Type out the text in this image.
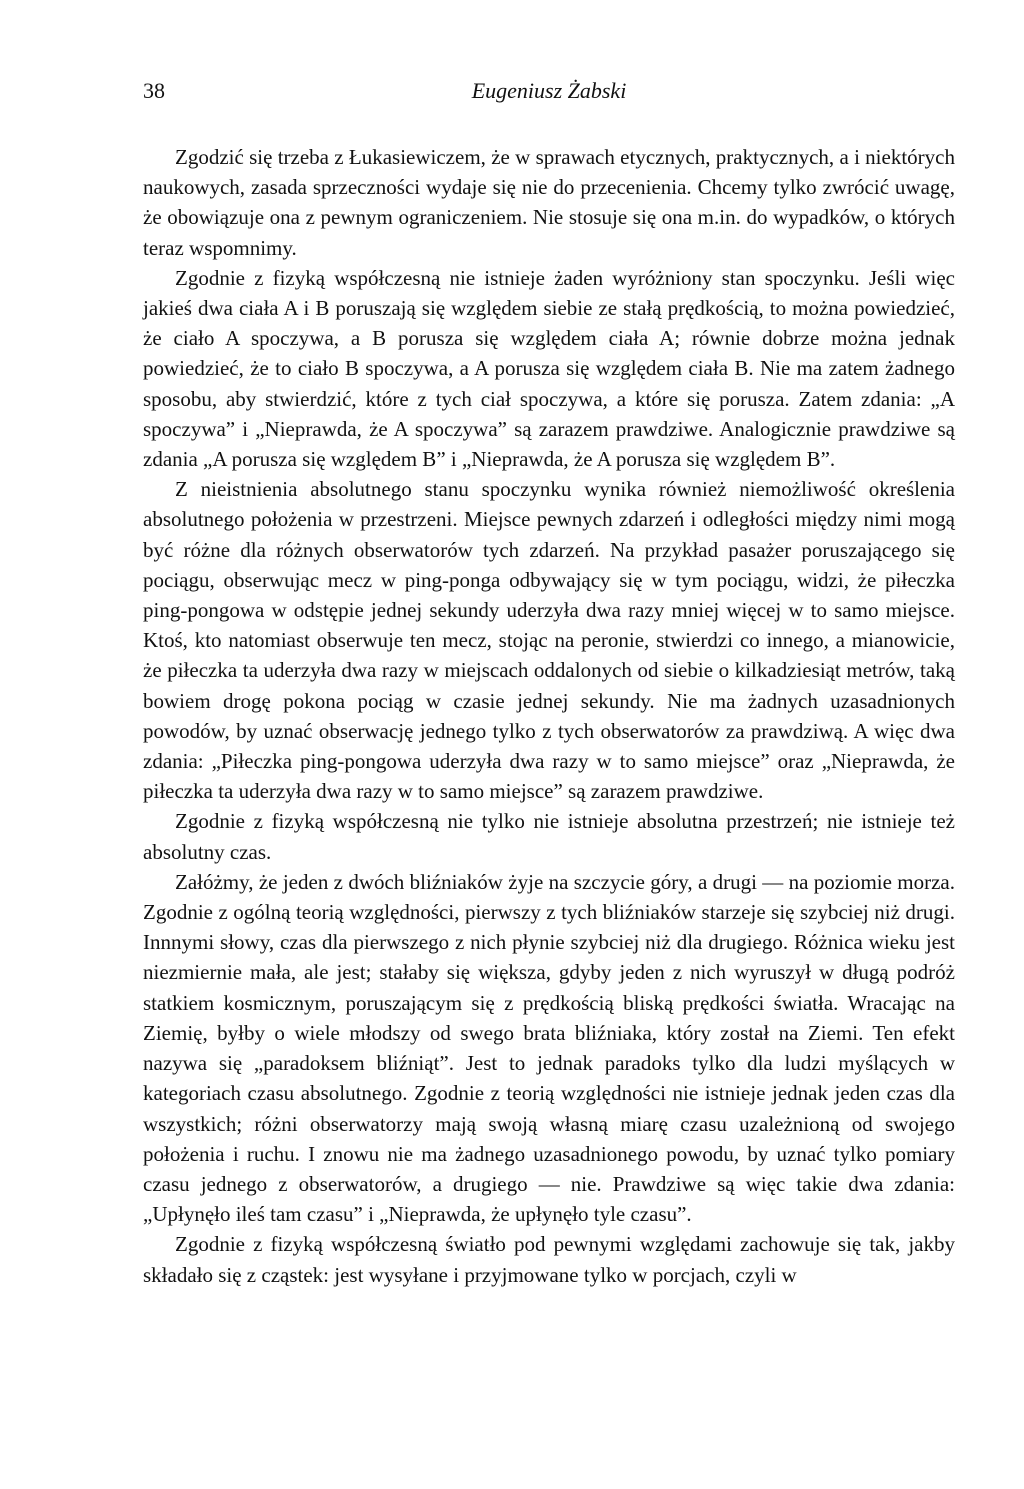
38	Eugeniusz Żabski

Zgodzić się trzeba z Łukasiewiczem, że w sprawach etycznych, praktycznych, a i niektórych naukowych, zasada sprzeczności wydaje się nie do przecenienia. Chcemy tylko zwrócić uwagę, że obowiązuje ona z pewnym ograniczeniem. Nie stosuje się ona m.in. do wypadków, o których teraz wspomnimy.

Zgodnie z fizyką współczesną nie istnieje żaden wyróżniony stan spoczynku. Jeśli więc jakieś dwa ciała A i B poruszają się względem siebie ze stałą prędkością, to można powiedzieć, że ciało A spoczywa, a B porusza się względem ciała A; równie dobrze można jednak powiedzieć, że to ciało B spoczywa, a A porusza się względem ciała B. Nie ma zatem żadnego sposobu, aby stwierdzić, które z tych ciał spoczywa, a które się porusza. Zatem zdania: „A spoczywa” i „Nieprawda, że A spoczywa” są zarazem prawdziwe. Analogicznie prawdziwe są zdania „A porusza się względem B” i „Nieprawda, że A porusza się względem B”.

Z nieistnienia absolutnego stanu spoczynku wynika również niemożliwość określenia absolutnego położenia w przestrzeni. Miejsce pewnych zdarzeń i odległości między nimi mogą być różne dla różnych obserwatorów tych zdarzeń. Na przykład pasażer poruszającego się pociągu, obserwując mecz w ping-ponga odbywający się w tym pociągu, widzi, że piłeczka ping-pongowa w odstępie jednej sekundy uderzyła dwa razy mniej więcej w to samo miejsce. Ktoś, kto natomiast obserwuje ten mecz, stojąc na peronie, stwierdzi co innego, a mianowicie, że piłeczka ta uderzyła dwa razy w miejscach oddalonych od siebie o kilkadziesiąt metrów, taką bowiem drogę pokona pociąg w czasie jednej sekundy. Nie ma żadnych uzasadnionych powodów, by uznać obserwację jednego tylko z tych obserwatorów za prawdziwą. A więc dwa zdania: „Piłeczka ping-pongowa uderzyła dwa razy w to samo miejsce” oraz „Nieprawda, że piłeczka ta uderzyła dwa razy w to samo miejsce” są zarazem prawdziwe.

Zgodnie z fizyką współczesną nie tylko nie istnieje absolutna przestrzeń; nie istnieje też absolutny czas.

Załóżmy, że jeden z dwóch bliźniaków żyje na szczycie góry, a drugi — na poziomie morza. Zgodnie z ogólną teorią względności, pierwszy z tych bliźniaków starzeje się szybciej niż drugi. Innnymi słowy, czas dla pierwszego z nich płynie szybciej niż dla drugiego. Różnica wieku jest niezmiernie mała, ale jest; stałaby się większa, gdyby jeden z nich wyruszył w długą podróż statkiem kosmicznym, poruszającym się z prędkością bliską prędkości światła. Wracając na Ziemię, byłby o wiele młodszy od swego brata bliźniaka, który został na Ziemi. Ten efekt nazywa się „paradoksem bliźniąt”. Jest to jednak paradoks tylko dla ludzi myślących w kategoriach czasu absolutnego. Zgodnie z teorią względności nie istnieje jednak jeden czas dla wszystkich; różni obserwatorzy mają swoją własną miarę czasu uzależnioną od swojego położenia i ruchu. I znowu nie ma żadnego uzasadnionego powodu, by uznać tylko pomiary czasu jednego z obserwatorów, a drugiego — nie. Prawdziwe są więc takie dwa zdania: „Upłynęło ileś tam czasu” i „Nieprawda, że upłynęło tyle czasu”.

Zgodnie z fizyką współczesną światło pod pewnymi względami zachowuje się tak, jakby składało się z cząstek: jest wysyłane i przyjmowane tylko w porcjach, czyli w
